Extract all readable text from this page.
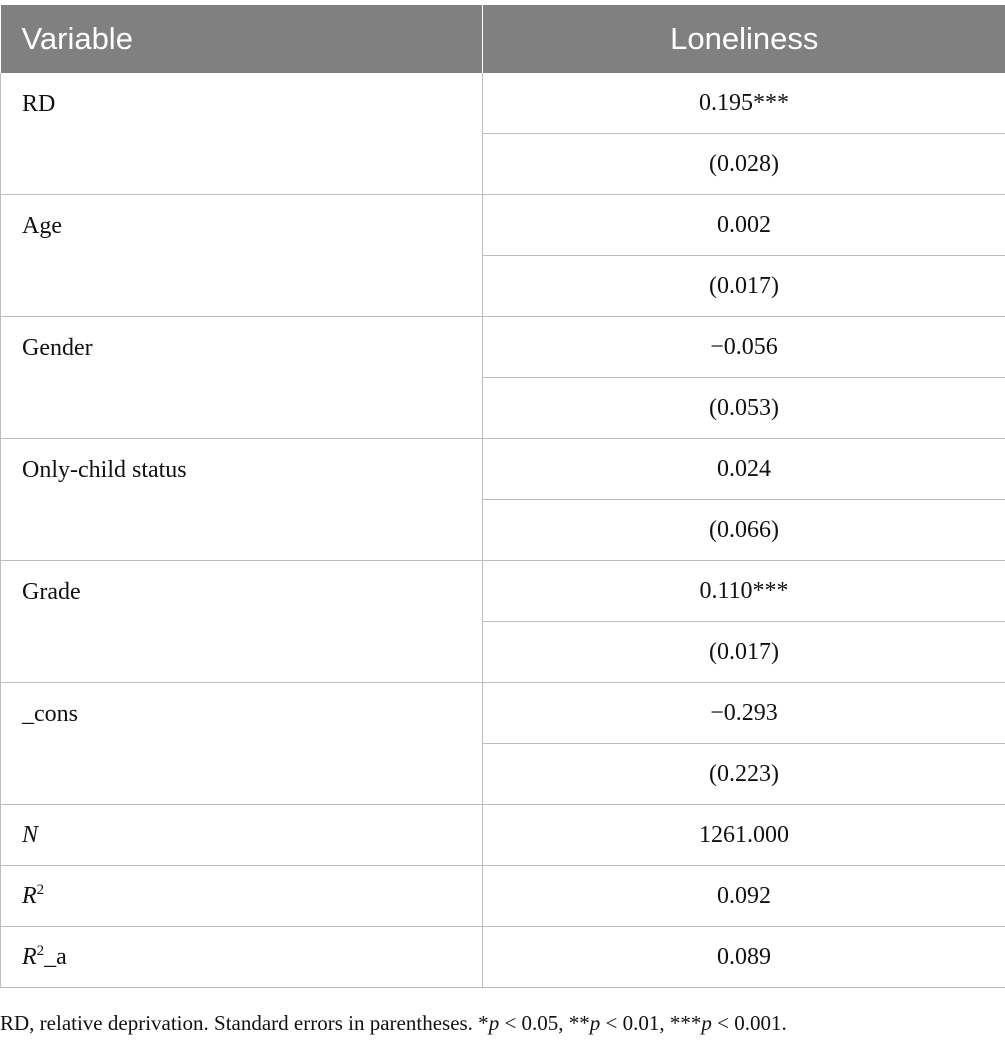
Variable	Loneliness
RD	0.195***
	(0.028)
Age	0.002
	(0.017)
Gender	−0.056
	(0.053)
Only-child status	0.024
	(0.066)
Grade	0.110***
	(0.017)
_cons	−0.293
	(0.223)
N	1261.000
$R^2$	0.092
$R^2\_a$	0.089
RD, relative deprivation. Standard errors in parentheses. *p < 0.05, **p < 0.01, ***p < 0.001.
